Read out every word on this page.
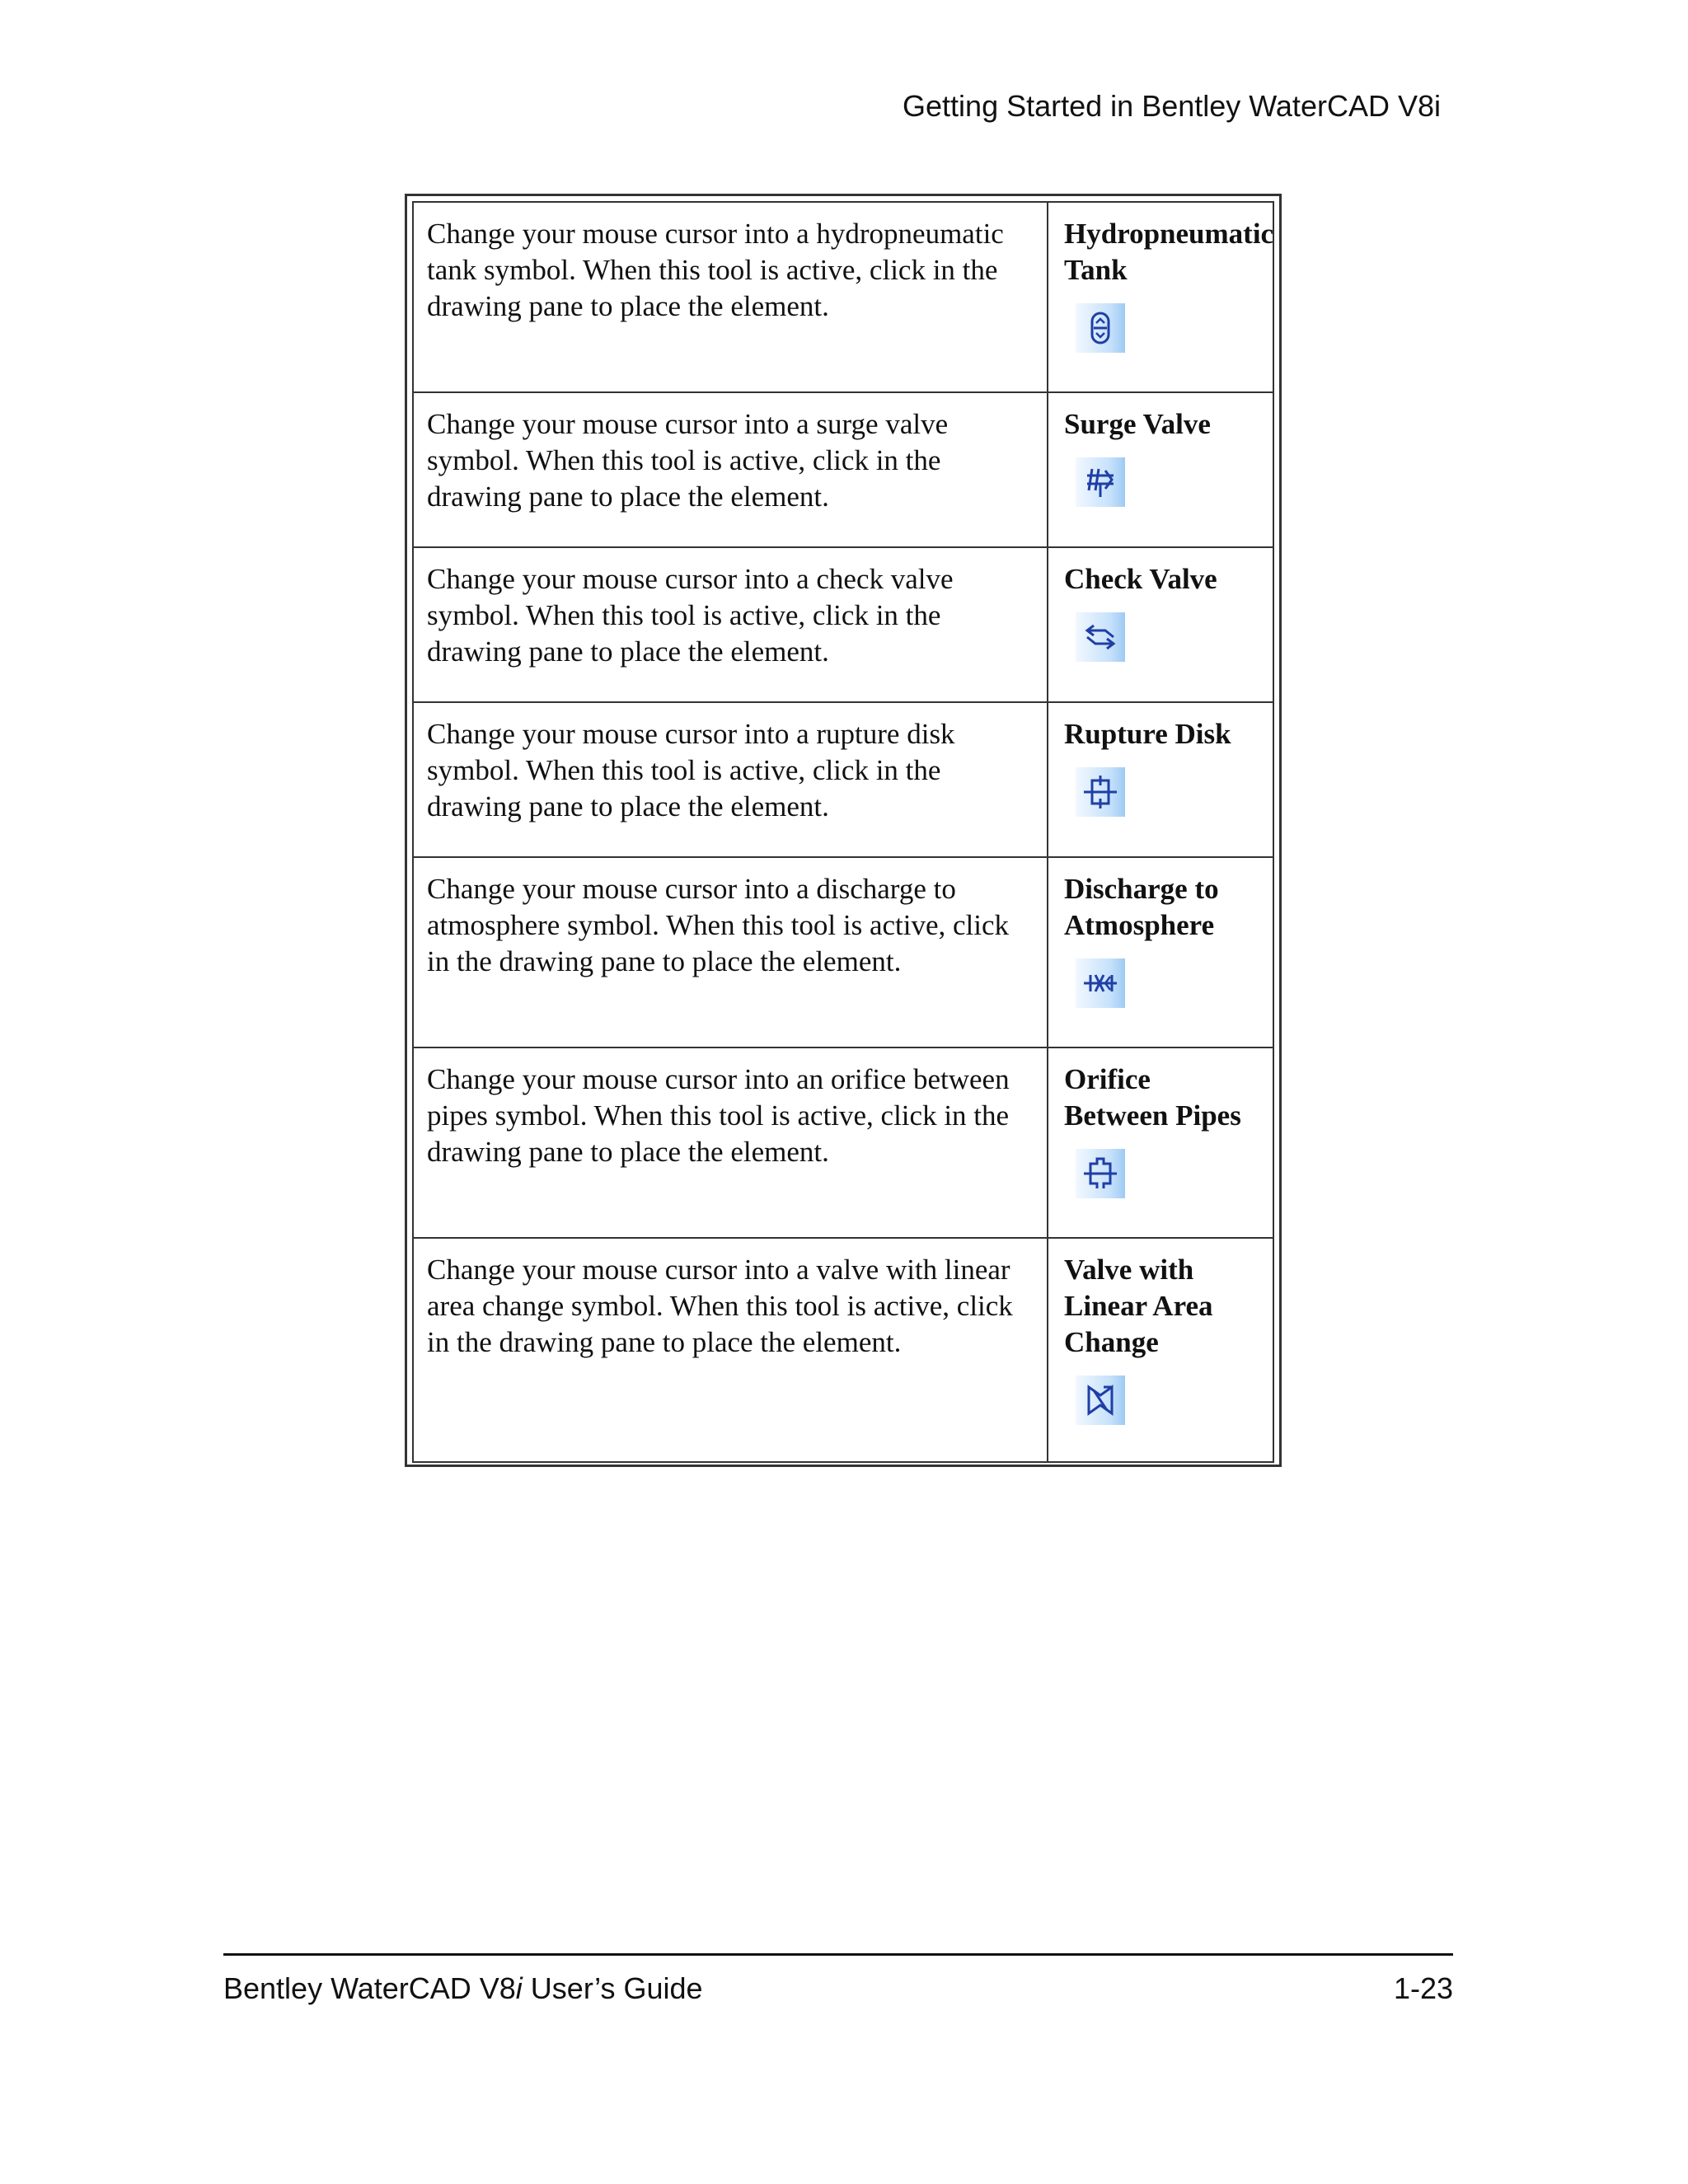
Getting Started in Bentley WaterCAD V8i
Change your mouse cursor into a hydropneumatic tank symbol. When this tool is active, click in the drawing pane to place the element.	Hydropneumatic Tank

Change your mouse cursor into a surge valve symbol. When this tool is active, click in the drawing pane to place the element.	Surge Valve

Change your mouse cursor into a check valve symbol. When this tool is active, click in the drawing pane to place the element.	Check Valve

Change your mouse cursor into a rupture disk symbol. When this tool is active, click in the drawing pane to place the element.	Rupture Disk

Change your mouse cursor into a discharge to atmosphere symbol. When this tool is active, click in the drawing pane to place the element.	Discharge to Atmosphere

Change your mouse cursor into an orifice between pipes symbol. When this tool is active, click in the drawing pane to place the element.	Orifice Between Pipes

Change your mouse cursor into a valve with linear area change symbol. When this tool is active, click in the drawing pane to place the element.	Valve with Linear Area Change
Bentley WaterCAD V8i User’s Guide	1-23
